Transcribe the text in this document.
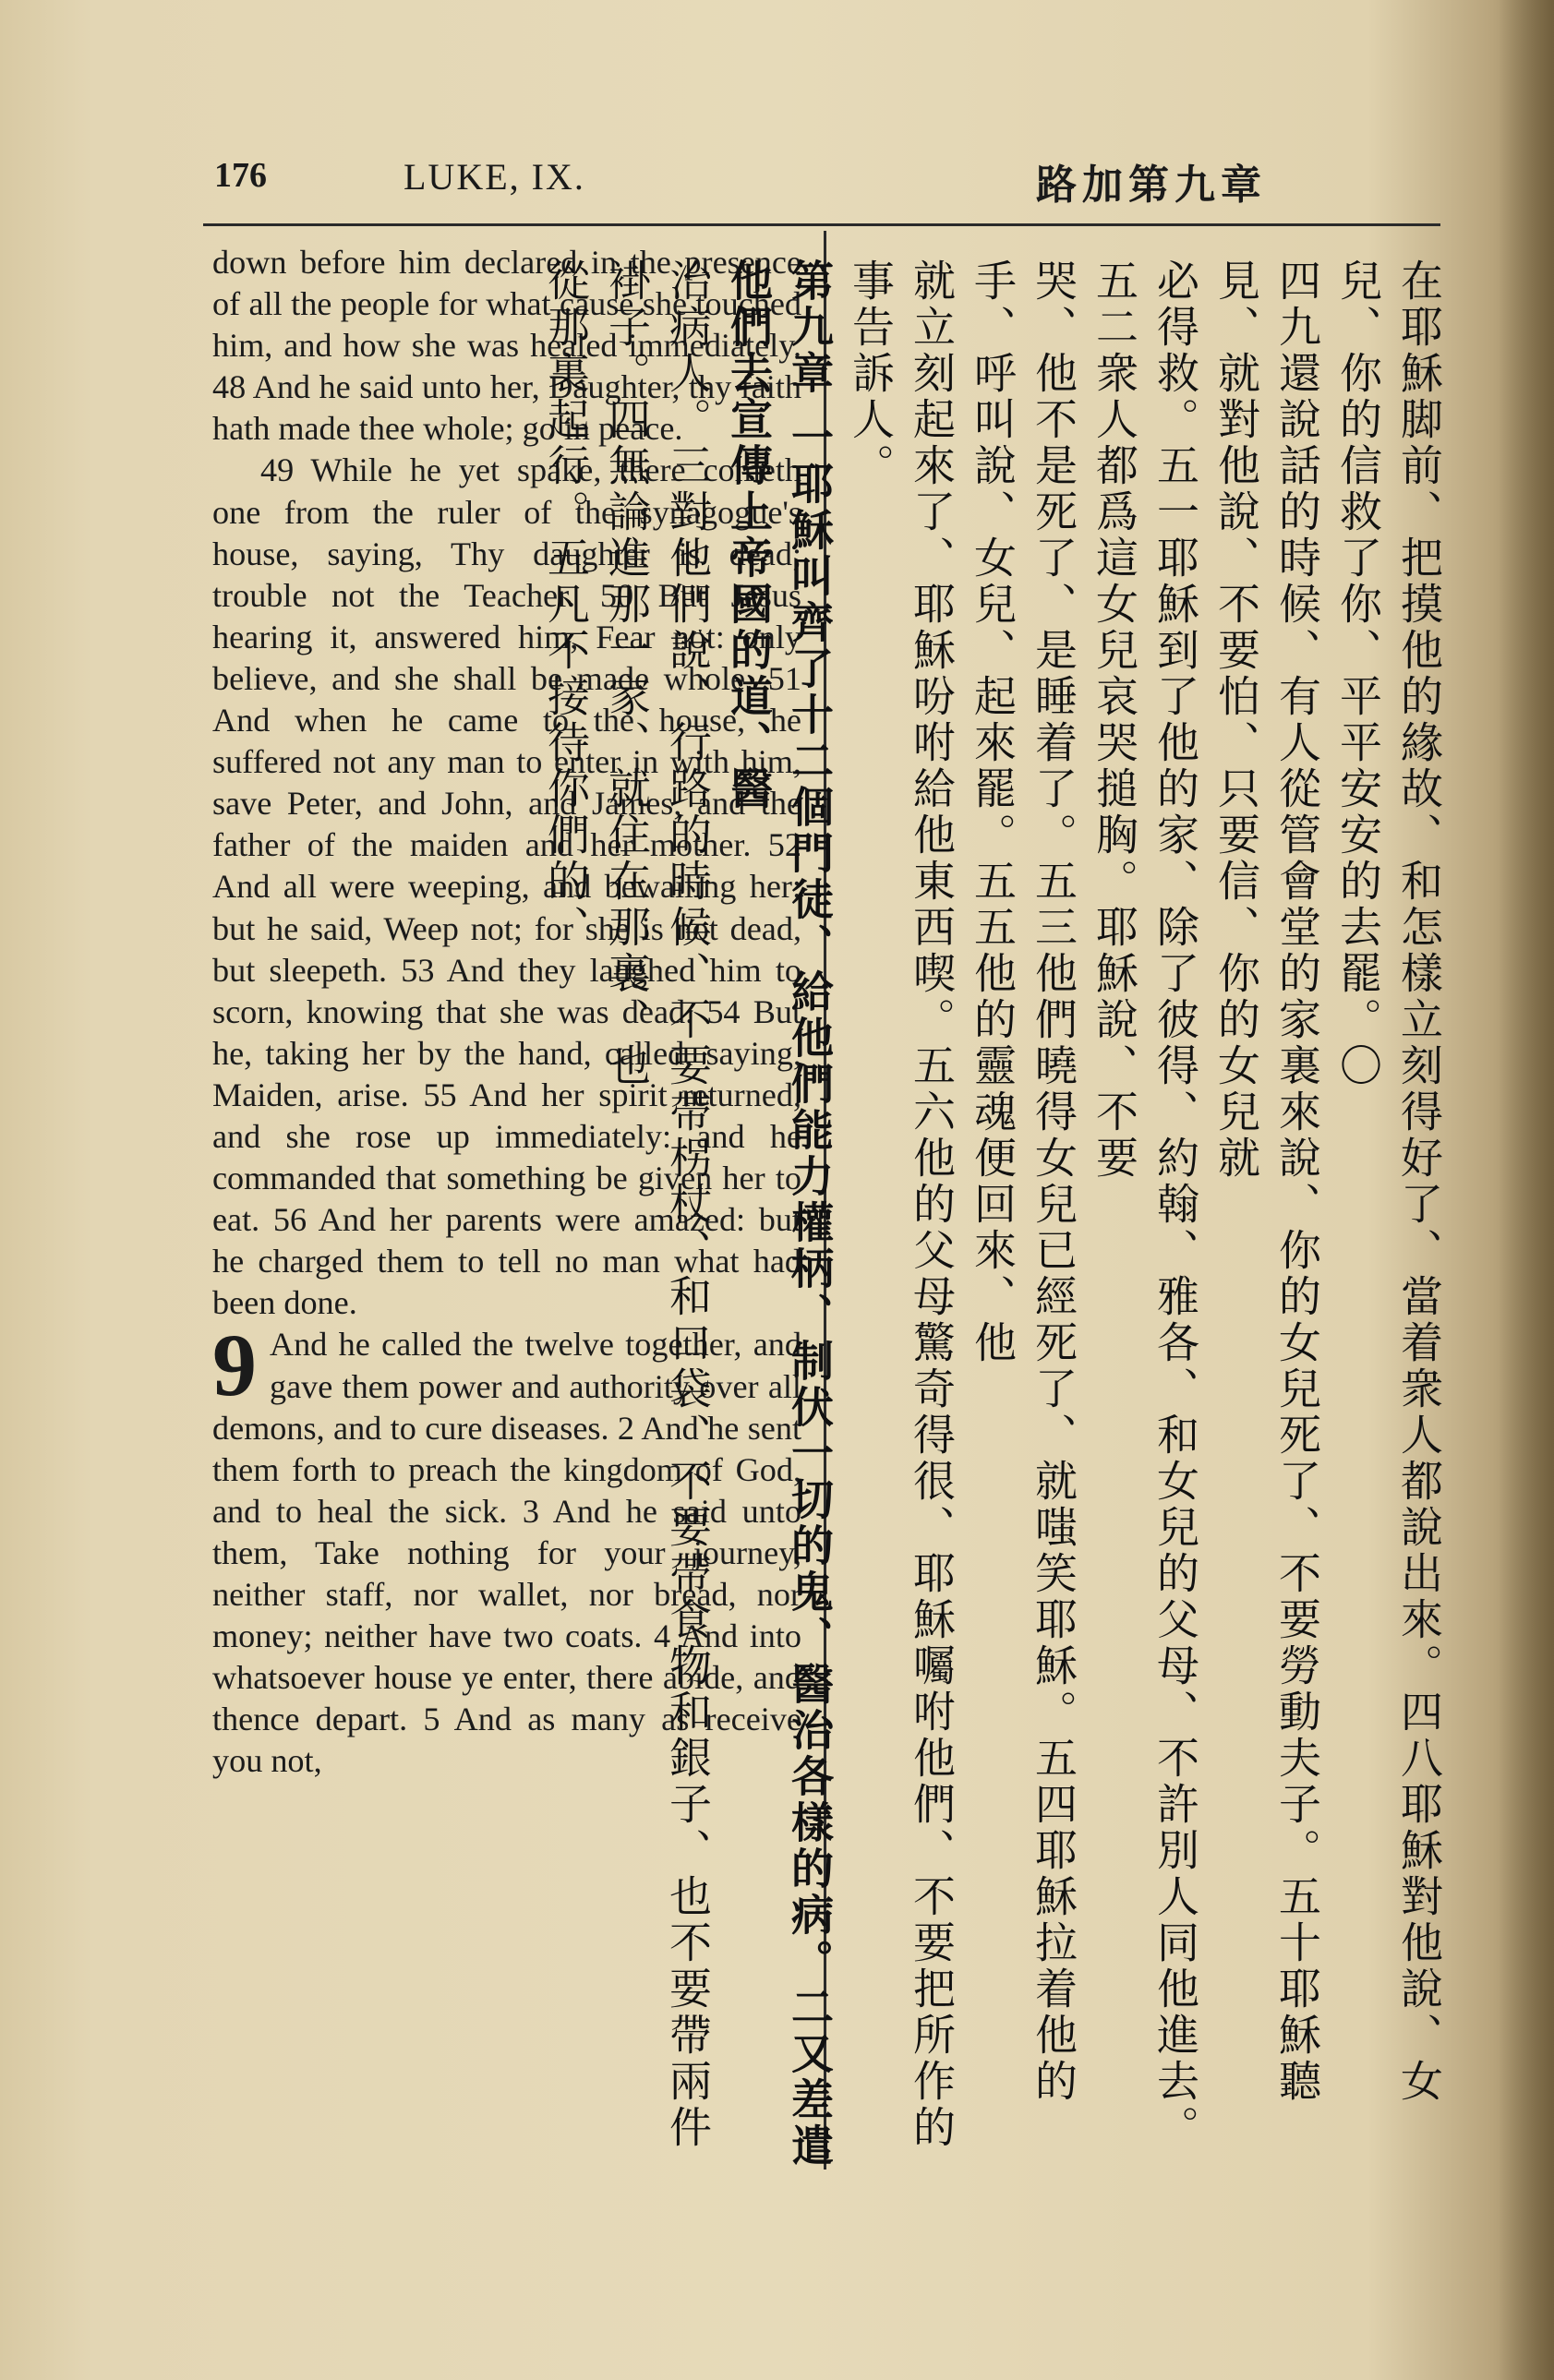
176	LUKE, IX.	路加第九章

down before him declared in the presence of all the people for what cause she touched him, and how she was healed immediately. 48 And he said unto her, Daughter, thy faith hath made thee whole; go in peace.

49 While he yet spake, there cometh one from the ruler of the synagogue's house, saying, Thy daughter is dead; trouble not the Teacher. 50 But Jesus hearing it, answered him, Fear not: only believe, and she shall be made whole. 51 And when he came to the house, he suffered not any man to enter in with him, save Peter, and John, and James, and the father of the maiden and her mother. 52 And all were weeping, and bewailing her: but he said, Weep not; for she is not dead, but sleepeth. 53 And they laughed him to scorn, knowing that she was dead. 54 But he, taking her by the hand, called, saying, Maiden, arise. 55 And her spirit returned, and she rose up immediately: and he commanded that something be given her to eat. 56 And her parents were amazed: but he charged them to tell no man what had been done.

9 And he called the twelve together, and gave them power and authority over all demons, and to cure diseases. 2 And he sent them forth to preach the kingdom of God, and to heal the sick. 3 And he said unto them, Take nothing for your journey, neither staff, nor wallet, nor bread, nor money; neither have two coats. 4 And into whatsoever house ye enter, there abide, and thence depart. 5 And as many as receive you not,	在耶穌脚前、把摸他的緣故、和怎樣立刻得好了、當着衆人都說出來。四八耶穌對他說、女兒、你的信救了你、平平安安的去罷。〇
四九還說話的時候、有人從管會堂的家裏來說、你的女兒死了、不要勞動夫子。五十耶穌聽見、就對他說、不要怕、只要信、你的女兒就
必得救。五一耶穌到了他的家、除了彼得、約翰、雅各、和女兒的父母、不許別人同他進去。五二衆人都爲這女兒哀哭搥胸。耶穌說、不要
哭、他不是死了、是睡着了。五三他們曉得女兒已經死了、就嗤笑耶穌。五四耶穌拉着他的手、呼叫說、女兒、起來罷。五五他的靈魂便回來、他
就立刻起來了、耶穌吩咐給他東西喫。五六他的父母驚奇得很、耶穌囑咐他們、不要把所作的事告訴人。
第九章 一耶穌叫齊了十二個門徒、給他們能力權柄、制伏一切的鬼、醫治各樣的病。二又差遣他們去宣傳上帝國的道、醫
治病人。三對他們說、行路的時候、不要帶柺杖、和口袋、不要帶食物和銀子、也不要帶兩件褂子。四無論進那一家、就住在那裏、也
從那裏起行。五凡不接待你們的、
